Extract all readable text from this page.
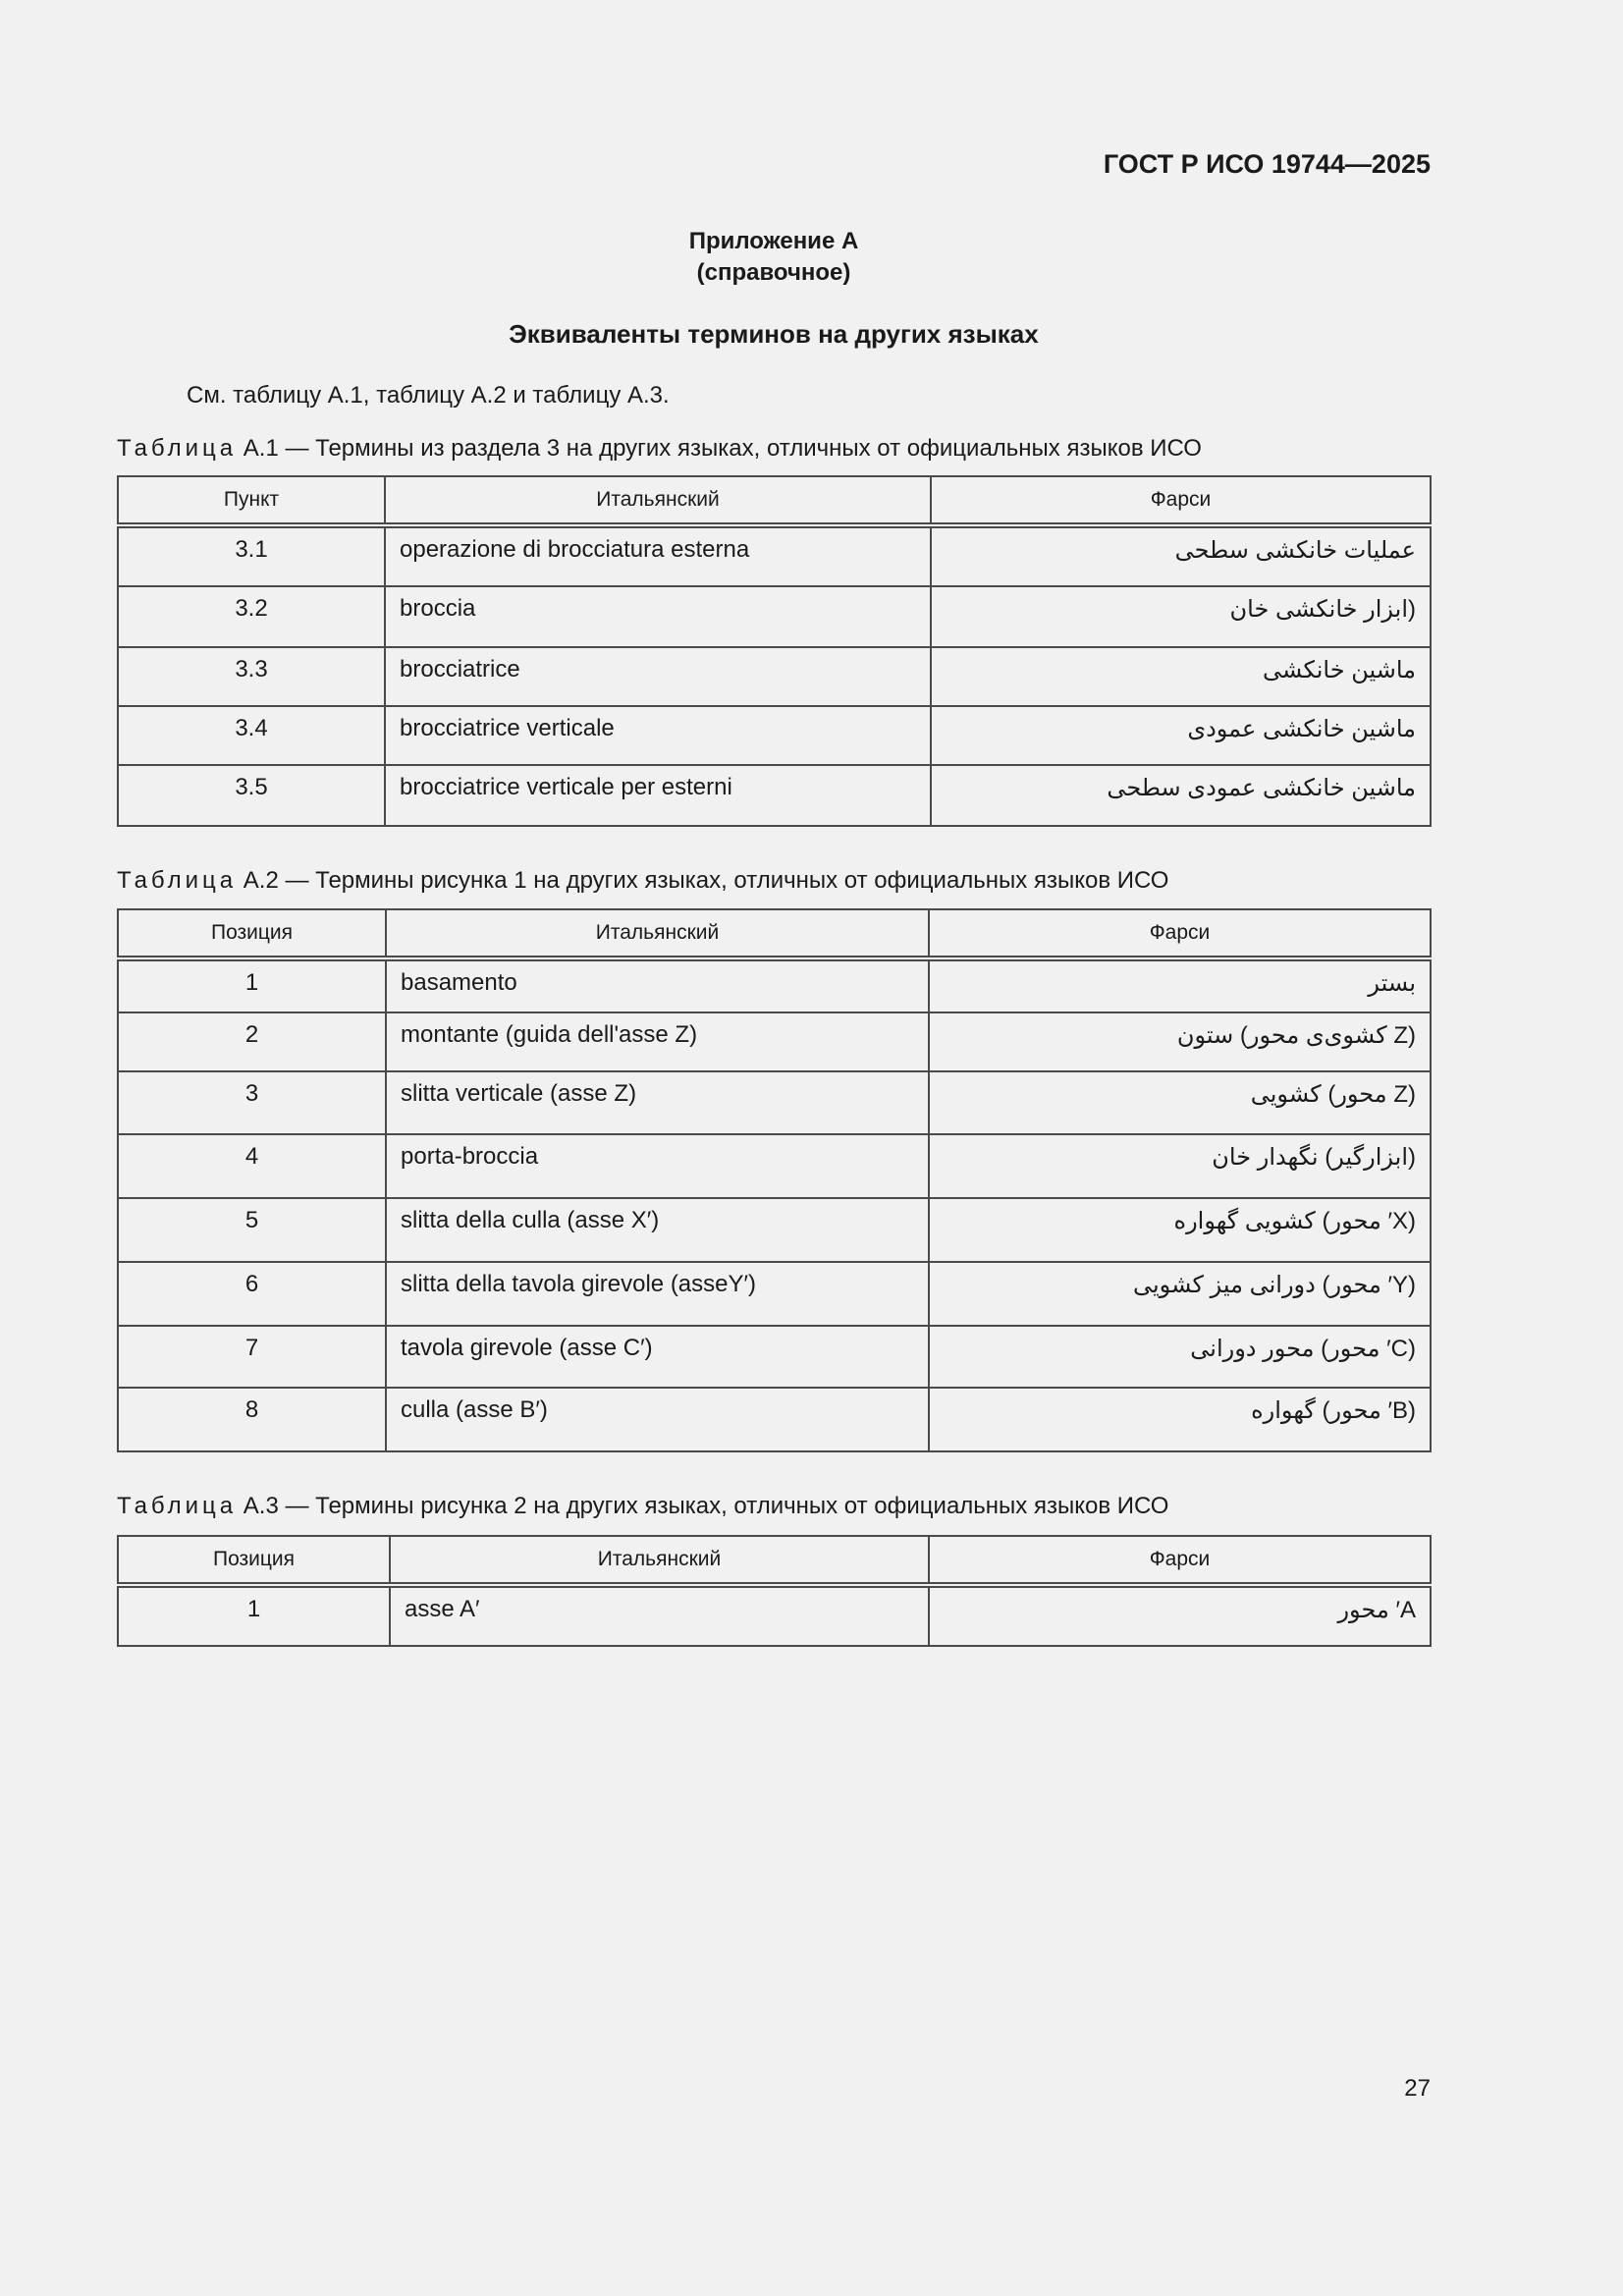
ГОСТ Р ИСО 19744—2025
Приложение А
(справочное)
Эквиваленты терминов на других языках
См. таблицу А.1, таблицу А.2 и таблицу А.3.
Таблица А.1 — Термины из раздела 3 на других языках, отличных от официальных языков ИСО
Пункт	Итальянский	Фарси
3.1	operazione di brocciatura esterna	عملیات خانکشی سطحی
3.2	broccia	(ابزار خانکشی خان
3.3	brocciatrice	ماشین خانکشی
3.4	brocciatrice verticale	ماشین خانکشی عمودی
3.5	brocciatrice verticale per esterni	ماشین خانکشی عمودی سطحی
Таблица А.2 — Термины рисунка 1 на других языках, отличных от официальных языков ИСО
Позиция	Итальянский	Фарси
1	basamento	بستر
2	montante (guida dell'asse Z)	(Z کشوی‌ی محور) ستون
3	slitta verticale (asse Z)	(Z محور) کشویی
4	porta-broccia	(ابزارگیر) نگهدار خان
5	slitta della culla (asse X′)	(X′ محور) کشویی گهواره
6	slitta della tavola girevole (asseY′)	(Y′ محور) دورانی میز کشویی
7	tavola girevole (asse C′)	(C′ محور) محور دورانی
8	culla (asse B′)	(B′ محور) گهواره
Таблица А.3 — Термины рисунка 2 на других языках, отличных от официальных языков ИСО
Позиция	Итальянский	Фарси
1	asse A′	A′ محور
27
